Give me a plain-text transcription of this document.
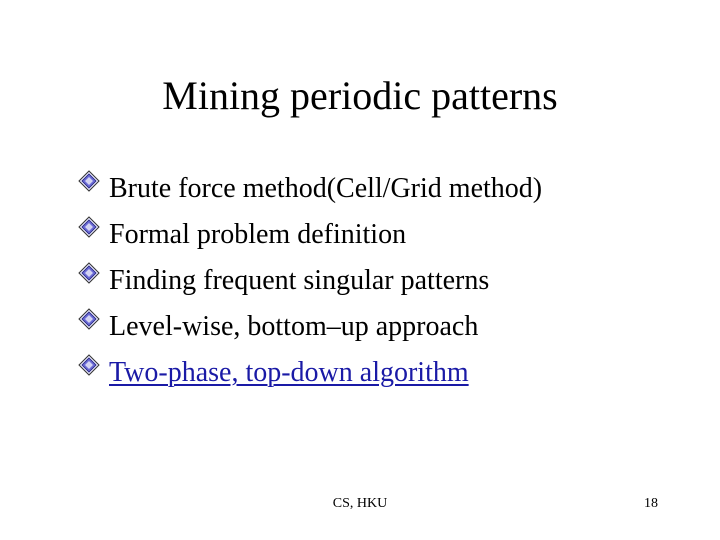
Mining periodic patterns
Brute force method(Cell/Grid method)
Formal problem definition
Finding frequent singular patterns
Level-wise, bottom–up approach
Two-phase, top-down algorithm
CS, HKU	18
